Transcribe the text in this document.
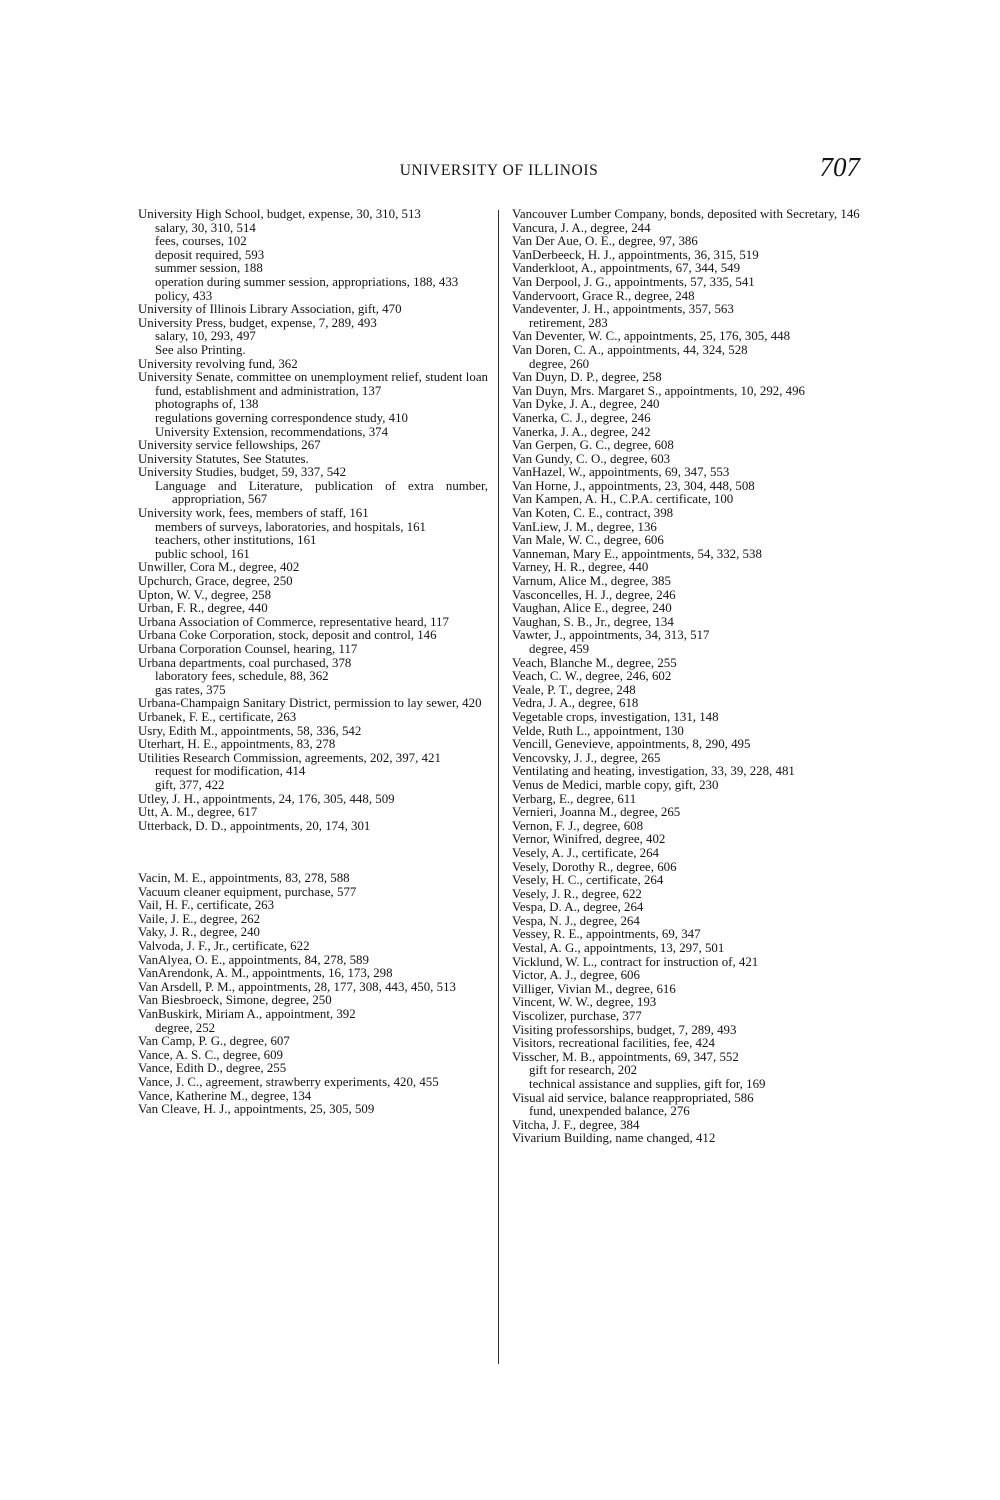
UNIVERSITY OF ILLINOIS	707

University High School, budget, expense, 30, 310, 513

salary, 30, 310, 514

fees, courses, 102

deposit required, 593

summer session, 188

operation during summer session, appropriations, 188, 433

policy, 433

University of Illinois Library Association, gift, 470

University Press, budget, expense, 7, 289, 493

salary, 10, 293, 497

See also Printing.

University revolving fund, 362

University Senate, committee on unemployment relief, student loan fund, establishment and administration, 137

photographs of, 138

regulations governing correspondence study, 410

University Extension, recommendations, 374

University service fellowships, 267

University Statutes, See Statutes.

University Studies, budget, 59, 337, 542

Language and Literature, publication of extra number, appropriation, 567

University work, fees, members of staff, 161

members of surveys, laboratories, and hospitals, 161

teachers, other institutions, 161

public school, 161

Unwiller, Cora M., degree, 402

Upchurch, Grace, degree, 250

Upton, W. V., degree, 258

Urban, F. R., degree, 440

Urbana Association of Commerce, representative heard, 117

Urbana Coke Corporation, stock, deposit and control, 146

Urbana Corporation Counsel, hearing, 117

Urbana departments, coal purchased, 378

laboratory fees, schedule, 88, 362

gas rates, 375

Urbana-Champaign Sanitary District, permission to lay sewer, 420

Urbanek, F. E., certificate, 263

Usry, Edith M., appointments, 58, 336, 542

Uterhart, H. E., appointments, 83, 278

Utilities Research Commission, agreements, 202, 397, 421

request for modification, 414

gift, 377, 422

Utley, J. H., appointments, 24, 176, 305, 448, 509

Utt, A. M., degree, 617

Utterback, D. D., appointments, 20, 174, 301

Vacin, M. E., appointments, 83, 278, 588

Vacuum cleaner equipment, purchase, 577

Vail, H. F., certificate, 263

Vaile, J. E., degree, 262

Vaky, J. R., degree, 240

Valvoda, J. F., Jr., certificate, 622

VanAlyea, O. E., appointments, 84, 278, 589

VanArendonk, A. M., appointments, 16, 173, 298

Van Arsdell, P. M., appointments, 28, 177, 308, 443, 450, 513

Van Biesbroeck, Simone, degree, 250

VanBuskirk, Miriam A., appointment, 392

degree, 252

Van Camp, P. G., degree, 607

Vance, A. S. C., degree, 609

Vance, Edith D., degree, 255

Vance, J. C., agreement, strawberry experiments, 420, 455

Vance, Katherine M., degree, 134

Van Cleave, H. J., appointments, 25, 305, 509

Vancouver Lumber Company, bonds, deposited with Secretary, 146

Vancura, J. A., degree, 244

Van Der Aue, O. E., degree, 97, 386

VanDerbeeck, H. J., appointments, 36, 315, 519

Vanderkloot, A., appointments, 67, 344, 549

Van Derpool, J. G., appointments, 57, 335, 541

Vandervoort, Grace R., degree, 248

Vandeventer, J. H., appointments, 357, 563

retirement, 283

Van Deventer, W. C., appointments, 25, 176, 305, 448

Van Doren, C. A., appointments, 44, 324, 528

degree, 260

Van Duyn, D. P., degree, 258

Van Duyn, Mrs. Margaret S., appointments, 10, 292, 496

Van Dyke, J. A., degree, 240

Vanerka, C. J., degree, 246

Vanerka, J. A., degree, 242

Van Gerpen, G. C., degree, 608

Van Gundy, C. O., degree, 603

VanHazel, W., appointments, 69, 347, 553

Van Horne, J., appointments, 23, 304, 448, 508

Van Kampen, A. H., C.P.A. certificate, 100

Van Koten, C. E., contract, 398

VanLiew, J. M., degree, 136

Van Male, W. C., degree, 606

Vanneman, Mary E., appointments, 54, 332, 538

Varney, H. R., degree, 440

Varnum, Alice M., degree, 385

Vasconcelles, H. J., degree, 246

Vaughan, Alice E., degree, 240

Vaughan, S. B., Jr., degree, 134

Vawter, J., appointments, 34, 313, 517

degree, 459

Veach, Blanche M., degree, 255

Veach, C. W., degree, 246, 602

Veale, P. T., degree, 248

Vedra, J. A., degree, 618

Vegetable crops, investigation, 131, 148

Velde, Ruth L., appointment, 130

Vencill, Genevieve, appointments, 8, 290, 495

Vencovsky, J. J., degree, 265

Ventilating and heating, investigation, 33, 39, 228, 481

Venus de Medici, marble copy, gift, 230

Verbarg, E., degree, 611

Vernieri, Joanna M., degree, 265

Vernon, F. J., degree, 608

Vernor, Winifred, degree, 402

Vesely, A. J., certificate, 264

Vesely, Dorothy R., degree, 606

Vesely, H. C., certificate, 264

Vesely, J. R., degree, 622

Vespa, D. A., degree, 264

Vespa, N. J., degree, 264

Vessey, R. E., appointments, 69, 347

Vestal, A. G., appointments, 13, 297, 501

Vicklund, W. L., contract for instruction of, 421

Victor, A. J., degree, 606

Villiger, Vivian M., degree, 616

Vincent, W. W., degree, 193

Viscolizer, purchase, 377

Visiting professorships, budget, 7, 289, 493

Visitors, recreational facilities, fee, 424

Visscher, M. B., appointments, 69, 347, 552

gift for research, 202

technical assistance and supplies, gift for, 169

Visual aid service, balance reappropriated, 586

fund, unexpended balance, 276

Vitcha, J. F., degree, 384

Vivarium Building, name changed, 412
